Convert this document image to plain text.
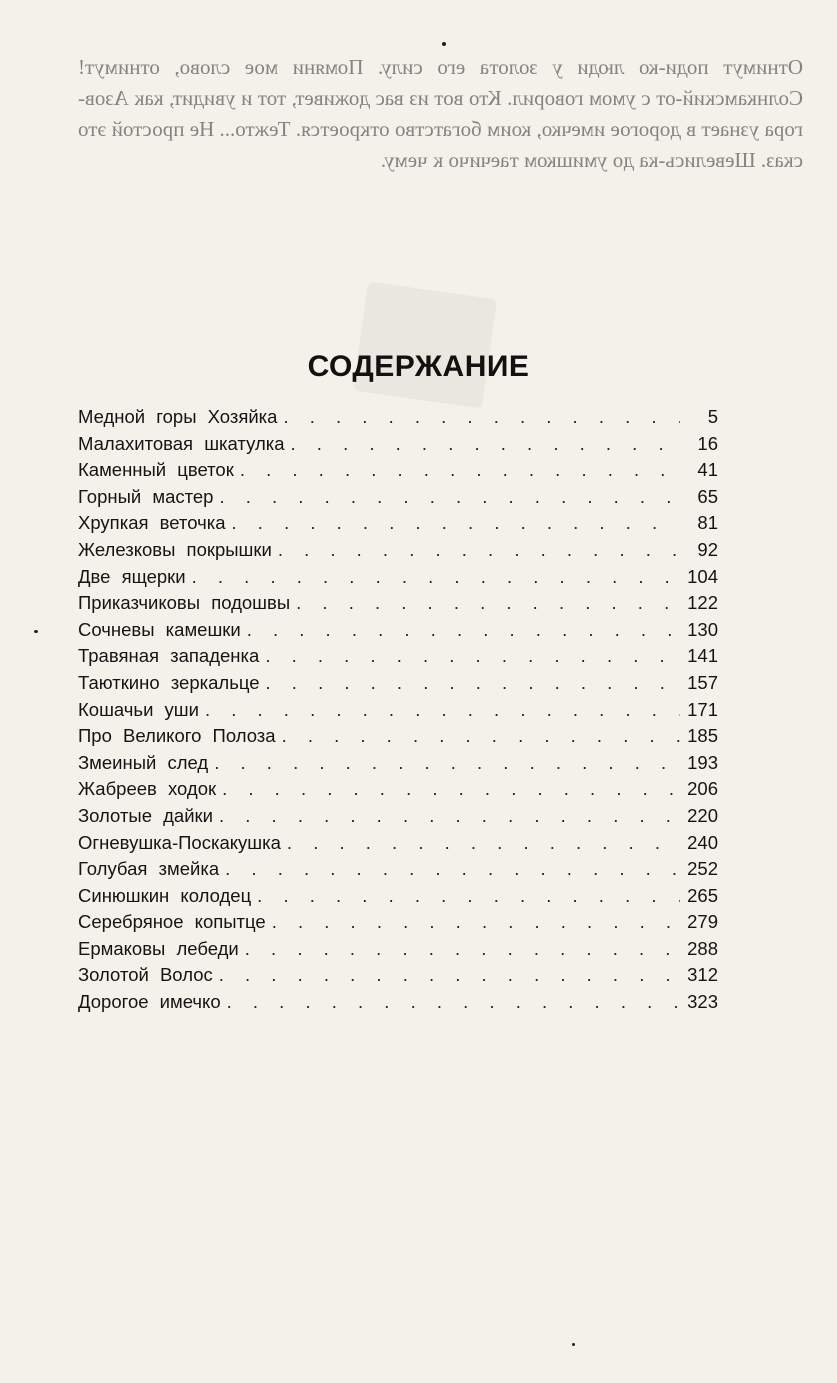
Отнимут поди-ко люди у золота его силу. Помяни мое слово, отнимут! Солнкамский-от с умом говорил. Кто вот из вас доживет, тот и увидит, как Азов-гора узнает в дорогое имечко, коим богатство откроется. Тежто... Не простой это сказ. Шевелись-ка до умишком таечичо к чему.
СОДЕРЖАНИЕ
Медной горы Хозяйка . . .	5
Малахитовая шкатулка . . .	16
Каменный цветок . . .	41
Горный мастер . . .	65
Хрупкая веточка . . .	81
Железковы покрышки . . .	92
Две ящерки . . .	104
Приказчиковы подошвы . . .	122
Сочневы камешки . . .	130
Травяная западенка . . .	141
Таюткино зеркальце . . .	157
Кошачьи уши . . .	171
Про Великого Полоза . . .	185
Змеиный след . . .	193
Жабреев ходок . . .	206
Золотые дайки . . .	220
Огневушка-Поскакушка . . .	240
Голубая змейка . . .	252
Синюшкин колодец . . .	265
Серебряное копытце . . .	279
Ермаковы лебеди . . .	288
Золотой Волос . . .	312
Дорогое имечко . . .	323
